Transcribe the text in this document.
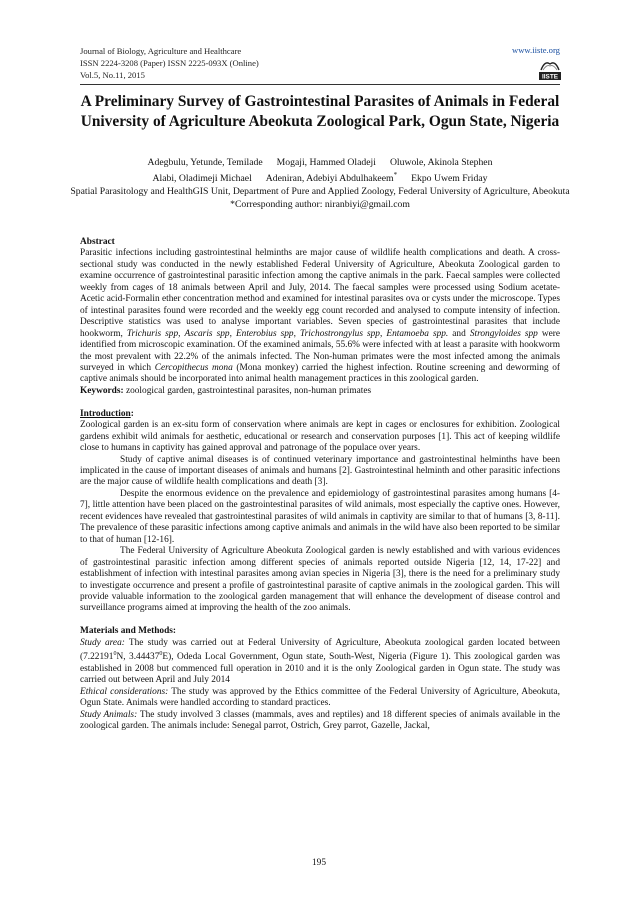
Journal of Biology, Agriculture and Healthcare
ISSN 2224-3208 (Paper) ISSN 2225-093X (Online)
Vol.5, No.11, 2015
www.iiste.org
IISTE
A Preliminary Survey of Gastrointestinal Parasites of Animals in Federal University of Agriculture Abeokuta Zoological Park, Ogun State, Nigeria
Adegbulu, Yetunde, Temilade Mogaji, Hammed Oladeji Oluwole, Akinola Stephen
Alabi, Oladimeji Michael Adeniran, Adebiyi Abdulhakeem* Ekpo Uwem Friday
Spatial Parasitology and HealthGIS Unit, Department of Pure and Applied Zoology, Federal University of Agriculture, Abeokuta
*Corresponding author: niranbiyi@gmail.com

Abstract

Parasitic infections including gastrointestinal helminths are major cause of wildlife health complications and death. A cross-sectional study was conducted in the newly established Federal University of Agriculture, Abeokuta Zoological garden to examine occurrence of gastrointestinal parasitic infection among the captive animals in the park. Faecal samples were collected weekly from cages of 18 animals between April and July, 2014. The faecal samples were processed using Sodium acetate-Acetic acid-Formalin ether concentration method and examined for intestinal parasites ova or cysts under the microscope. Types of intestinal parasites found were recorded and the weekly egg count recorded and analysed to compute intensity of infection. Descriptive statistics was used to analyse important variables. Seven species of gastrointestinal parasites that include hookworm, Trichuris spp, Ascaris spp, Enterobius spp, Trichostrongylus spp, Entamoeba spp. and Strongyloides spp were identified from microscopic examination. Of the examined animals, 55.6% were infected with at least a parasite with hookworm the most prevalent with 22.2% of the animals infected. The Non-human primates were the most infected among the animals surveyed in which Cercopithecus mona (Mona monkey) carried the highest infection. Routine screening and deworming of captive animals should be incorporated into animal health management practices in this zoological garden.

Keywords: zoological garden, gastrointestinal parasites, non-human primates

Introduction:

Zoological garden is an ex-situ form of conservation where animals are kept in cages or enclosures for exhibition. Zoological gardens exhibit wild animals for aesthetic, educational or research and conservation purposes [1]. This act of keeping wildlife close to humans in captivity has gained approval and patronage of the populace over years.

Study of captive animal diseases is of continued veterinary importance and gastrointestinal helminths have been implicated in the cause of important diseases of animals and humans [2]. Gastrointestinal helminth and other parasitic infections are the major cause of wildlife health complications and death [3].

Despite the enormous evidence on the prevalence and epidemiology of gastrointestinal parasites among humans [4-7], little attention have been placed on the gastrointestinal parasites of wild animals, most especially the captive ones. However, recent evidences have revealed that gastrointestinal parasites of wild animals in captivity are similar to that of humans [3, 8-11]. The prevalence of these parasitic infections among captive animals and animals in the wild have also been reported to be similar to that of human [12-16].

The Federal University of Agriculture Abeokuta Zoological garden is newly established and with various evidences of gastrointestinal parasitic infection among different species of animals reported outside Nigeria [12, 14, 17-22] and establishment of infection with intestinal parasites among avian species in Nigeria [3], there is the need for a preliminary study to investigate occurrence and present a profile of gastrointestinal parasite of captive animals in the zoological garden. This will provide valuable information to the zoological garden management that will enhance the development of disease control and surveillance programs aimed at improving the health of the zoo animals.

Materials and Methods:

Study area: The study was carried out at Federal University of Agriculture, Abeokuta zoological garden located between (7.22191$^0$N, 3.44437$^0$E), Odeda Local Government, Ogun state, South-West, Nigeria (Figure 1). This zoological garden was established in 2008 but commenced full operation in 2010 and it is the only Zoological garden in Ogun state. The study was carried out between April and July 2014

Ethical considerations: The study was approved by the Ethics committee of the Federal University of Agriculture, Abeokuta, Ogun State. Animals were handled according to standard practices.

Study Animals: The study involved 3 classes (mammals, aves and reptiles) and 18 different species of animals available in the zoological garden. The animals include: Senegal parrot, Ostrich, Grey parrot, Gazelle, Jackal,

195
